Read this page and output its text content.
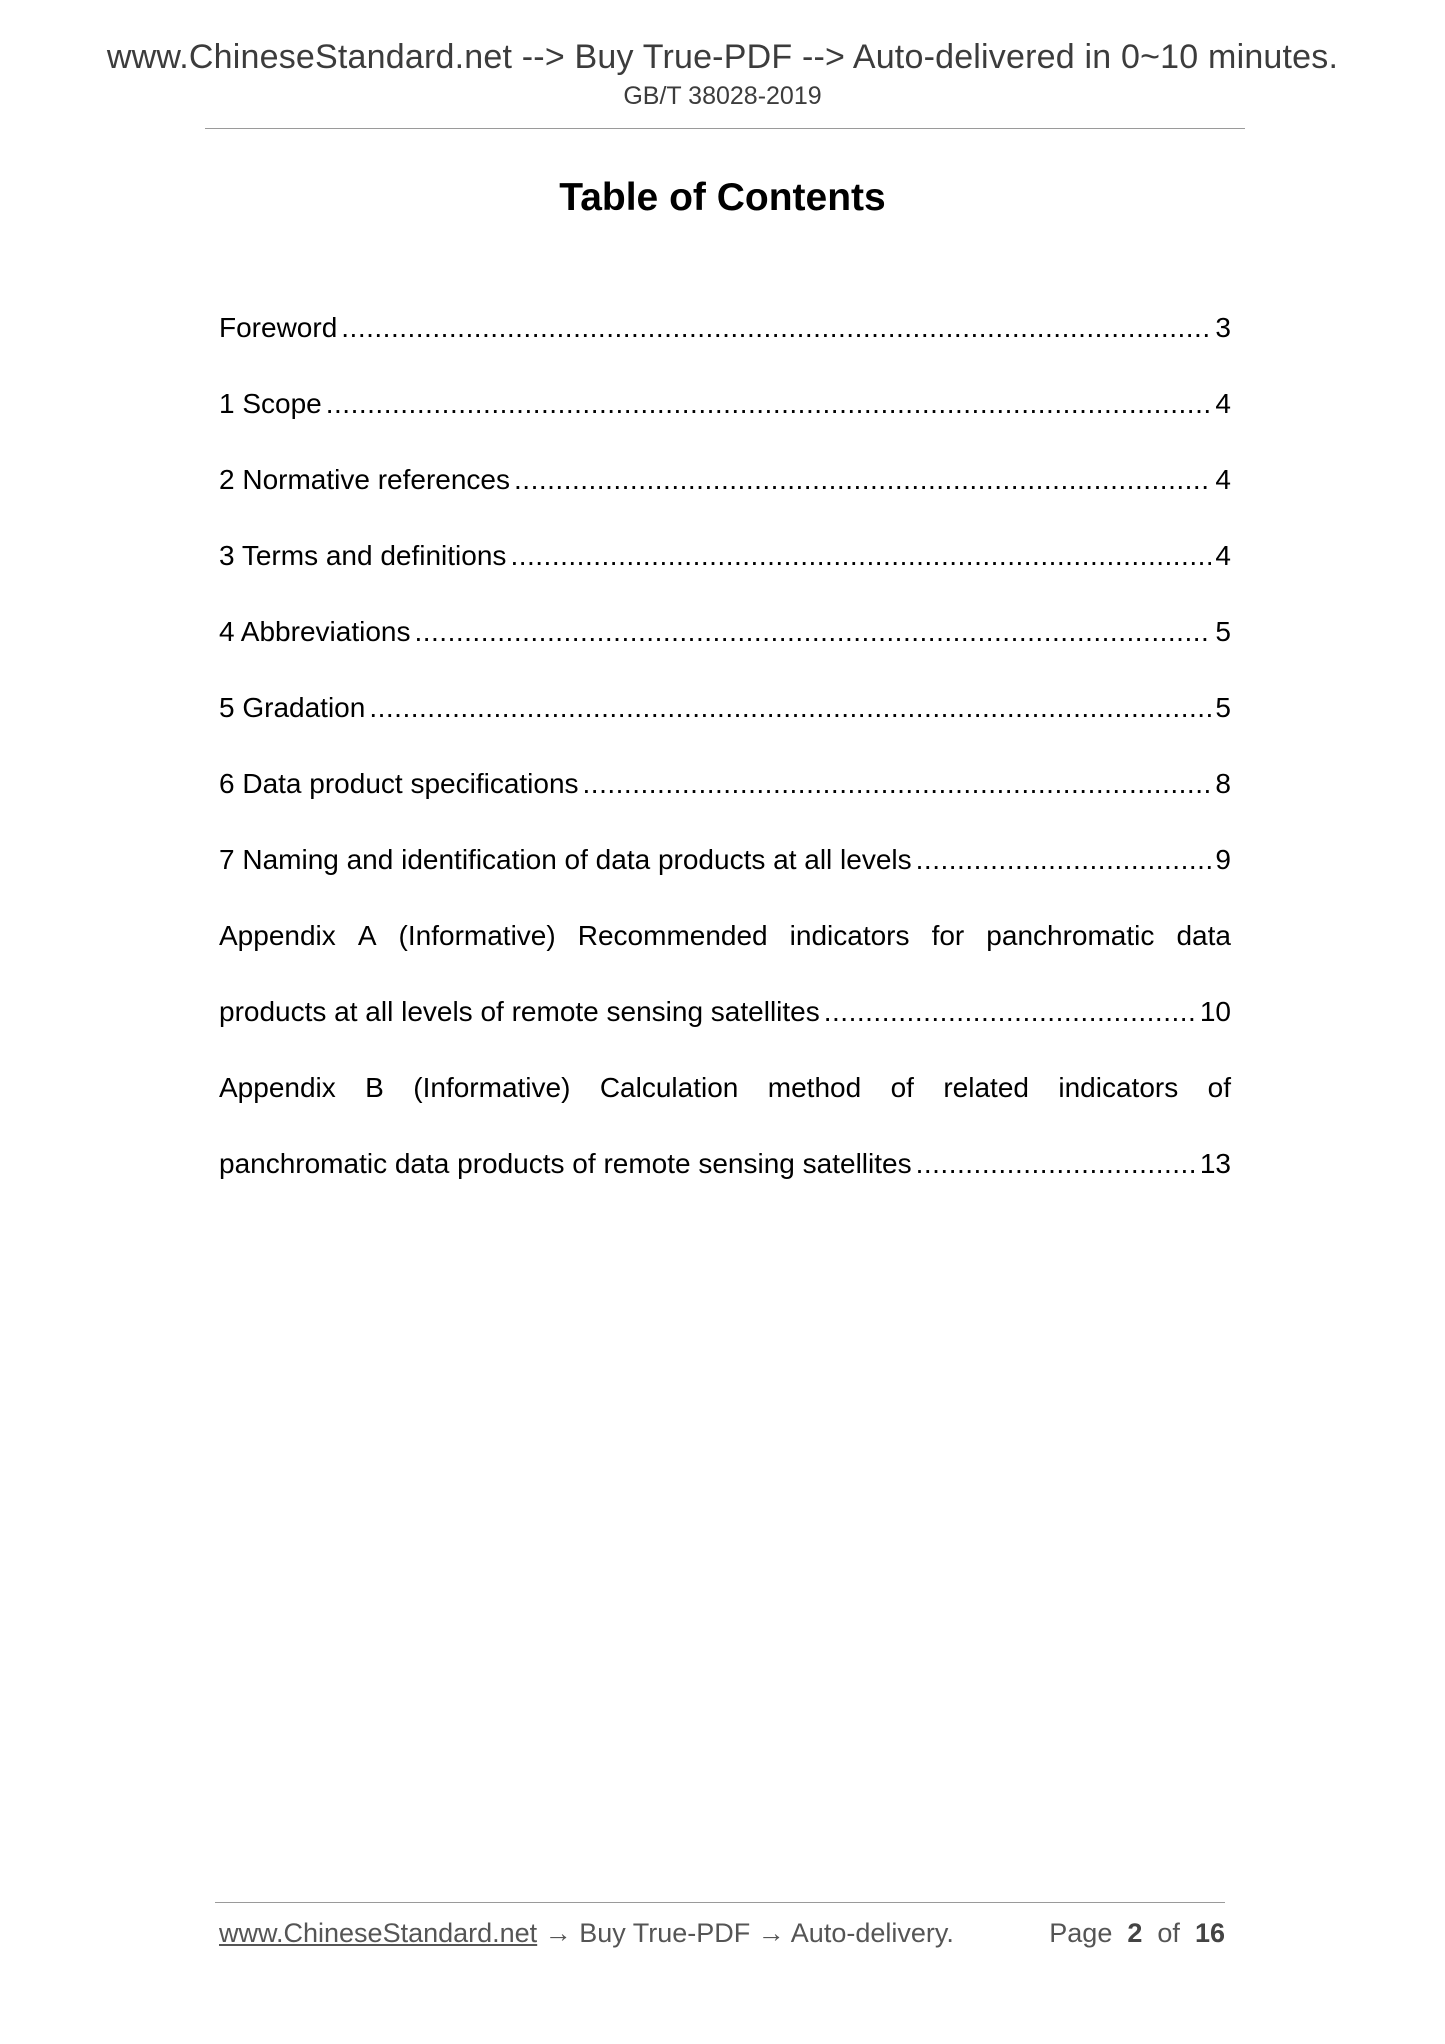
www.ChineseStandard.net --> Buy True-PDF --> Auto-delivered in 0~10 minutes.
GB/T 38028-2019
Table of Contents
Foreword .....	3
1 Scope .....	4
2 Normative references .....	4
3 Terms and definitions .....	4
4 Abbreviations .....	5
5 Gradation .....	5
6 Data product specifications .....	8
7 Naming and identification of data products at all levels .....	9
Appendix A (Informative) Recommended indicators for panchromatic data
products at all levels of remote sensing satellites .....	10
Appendix B (Informative) Calculation method of related indicators of
panchromatic data products of remote sensing satellites .....	13
www.ChineseStandard.net → Buy True-PDF → Auto-delivery.	Page 2 of 16
